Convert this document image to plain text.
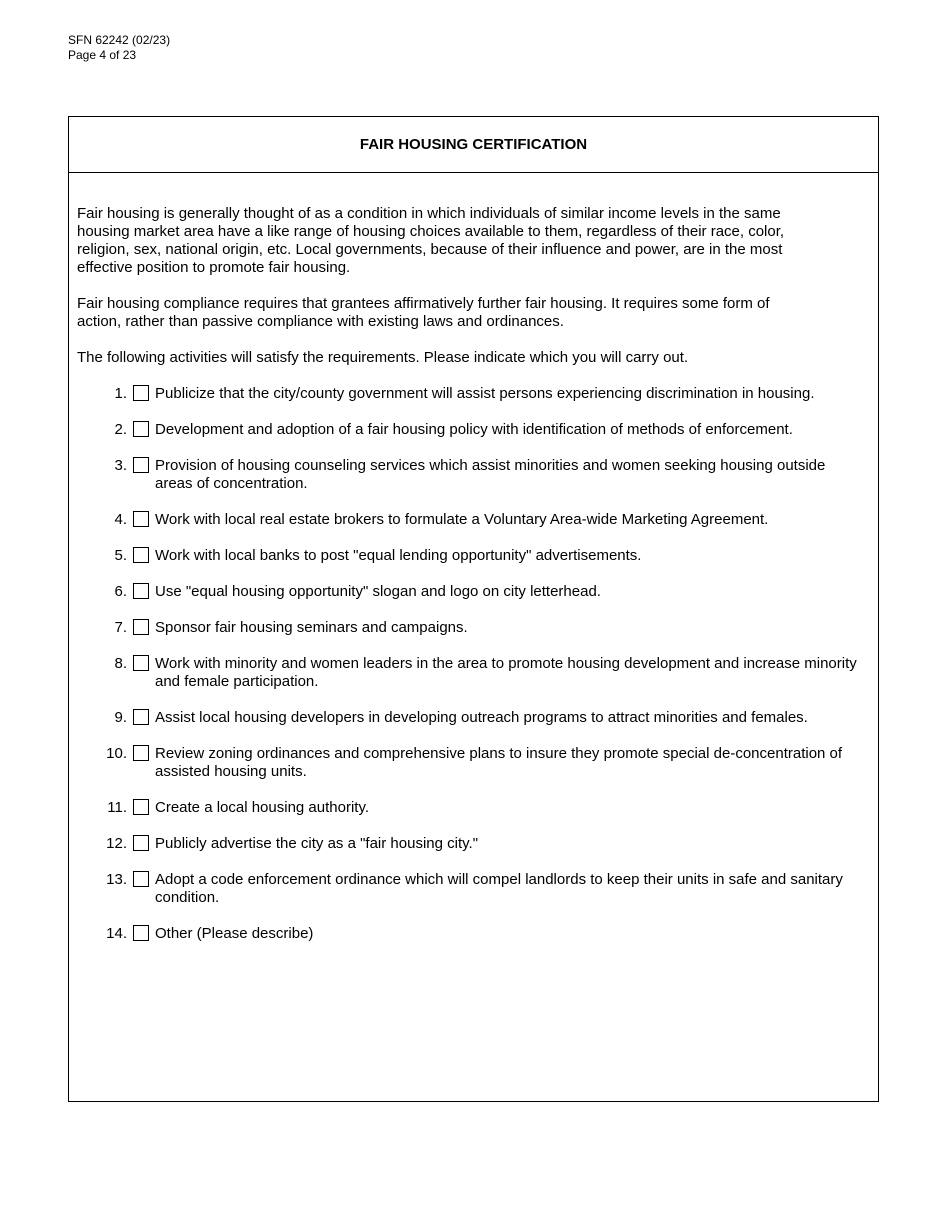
SFN 62242 (02/23)
Page 4 of 23
FAIR HOUSING CERTIFICATION

Fair housing is generally thought of as a condition in which individuals of similar income levels in the same housing market area have a like range of housing choices available to them, regardless of their race, color, religion, sex, national origin, etc. Local governments, because of their influence and power, are in the most effective position to promote fair housing.

Fair housing compliance requires that grantees affirmatively further fair housing. It requires some form of action, rather than passive compliance with existing laws and ordinances.

The following activities will satisfy the requirements. Please indicate which you will carry out.

1.	Publicize that the city/county government will assist persons experiencing discrimination in housing.
2.	Development and adoption of a fair housing policy with identification of methods of enforcement.
3.	Provision of housing counseling services which assist minorities and women seeking housing outside areas of concentration.
4.	Work with local real estate brokers to formulate a Voluntary Area-wide Marketing Agreement.
5.	Work with local banks to post "equal lending opportunity" advertisements.
6.	Use "equal housing opportunity" slogan and logo on city letterhead.
7.	Sponsor fair housing seminars and campaigns.
8.	Work with minority and women leaders in the area to promote housing development and increase minority and female participation.
9.	Assist local housing developers in developing outreach programs to attract minorities and females.
10.	Review zoning ordinances and comprehensive plans to insure they promote special de-concentration of assisted housing units.
11.	Create a local housing authority.
12.	Publicly advertise the city as a "fair housing city."
13.	Adopt a code enforcement ordinance which will compel landlords to keep their units in safe and sanitary condition.
14.	Other (Please describe)
